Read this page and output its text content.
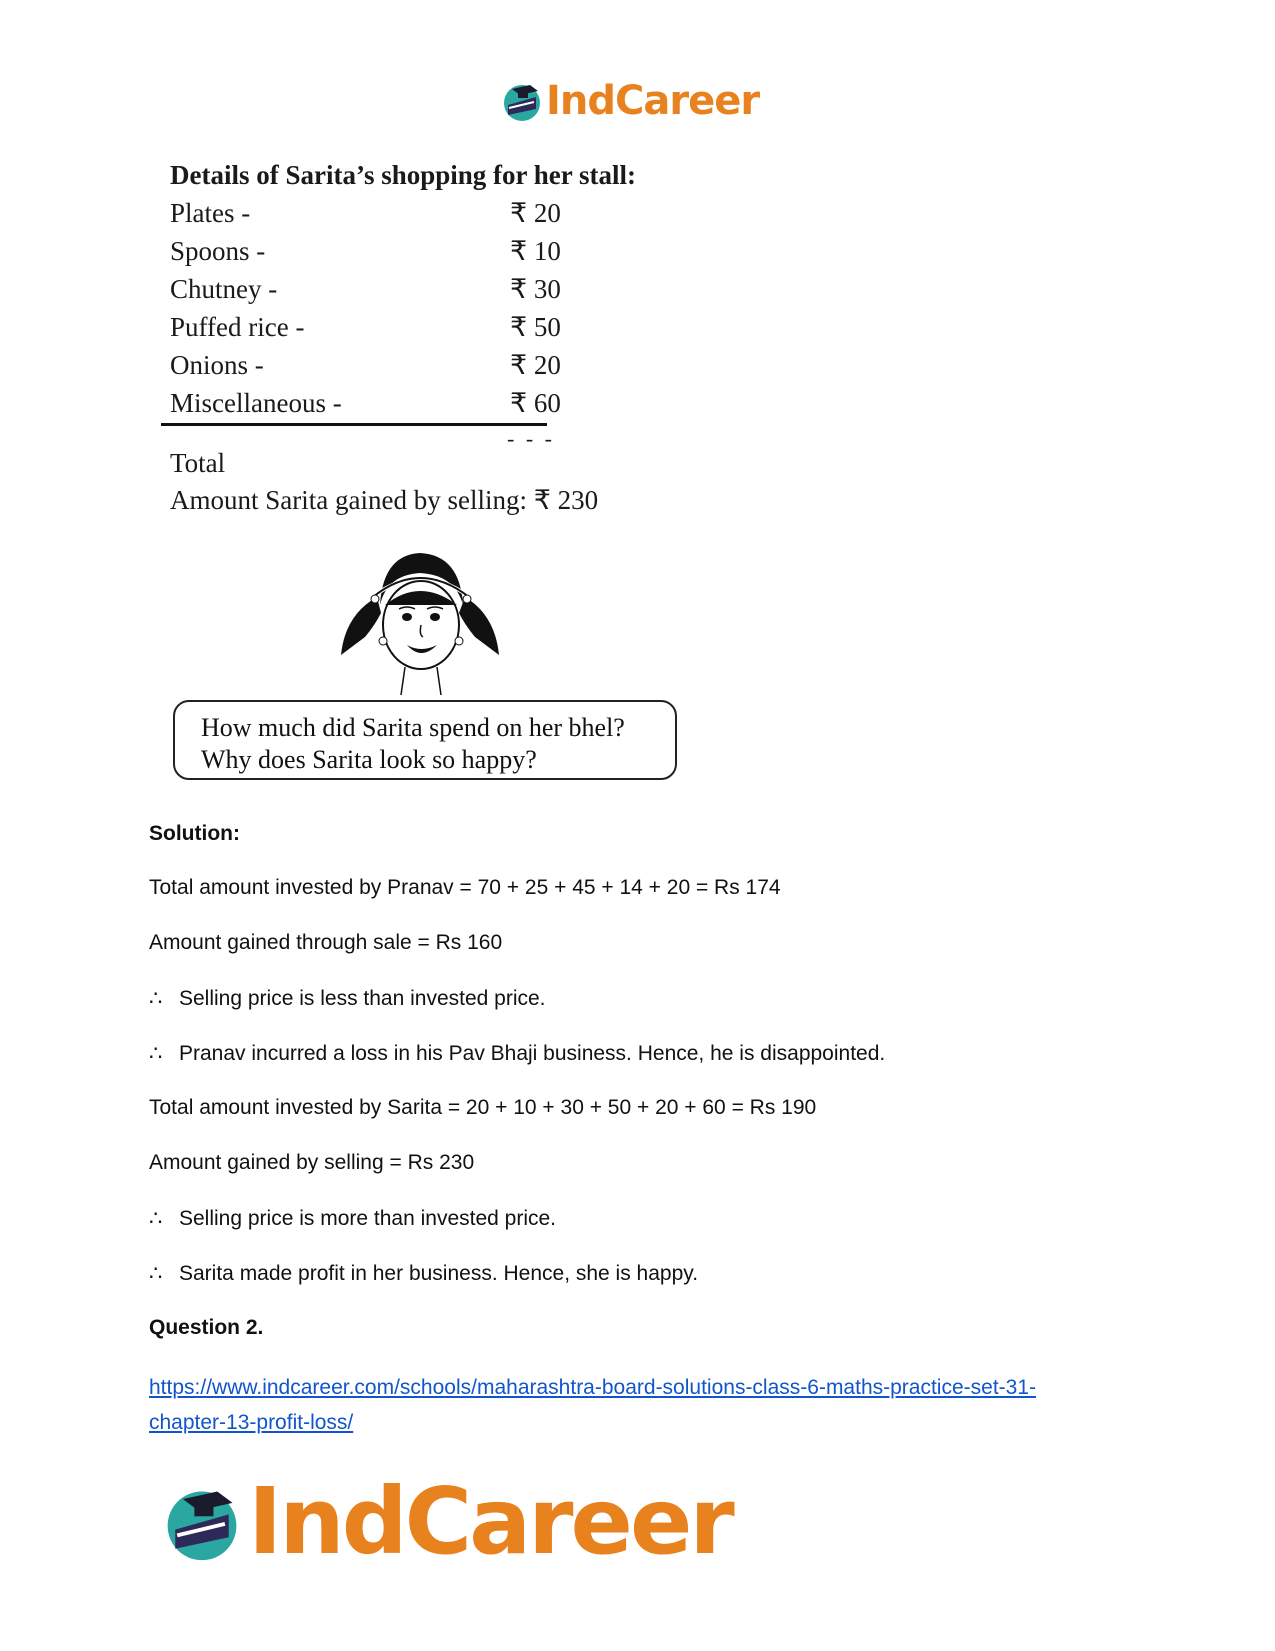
IndCareer
Details of Sarita’s shopping for her stall:
Plates -	₹ 20
Spoons -	₹ 10
Chutney -	₹ 30
Puffed rice -	₹ 50
Onions -	₹ 20
Miscellaneous -	₹ 60
- - -
Total
Amount Sarita gained by selling: ₹ 230
How much did Sarita spend on her bhel?
Why does Sarita look so happy?
Solution:
Total amount invested by Pranav = 70 + 25 + 45 + 14 + 20 = Rs 174
Amount gained through sale = Rs 160
∴ Selling price is less than invested price.
∴ Pranav incurred a loss in his Pav Bhaji business. Hence, he is disappointed.
Total amount invested by Sarita = 20 + 10 + 30 + 50 + 20 + 60 = Rs 190
Amount gained by selling = Rs 230
∴ Selling price is more than invested price.
∴ Sarita made profit in her business. Hence, she is happy.
Question 2.
https://www.indcareer.com/schools/maharashtra-board-solutions-class-6-maths-practice-set-31-
chapter-13-profit-loss/
IndCareer
